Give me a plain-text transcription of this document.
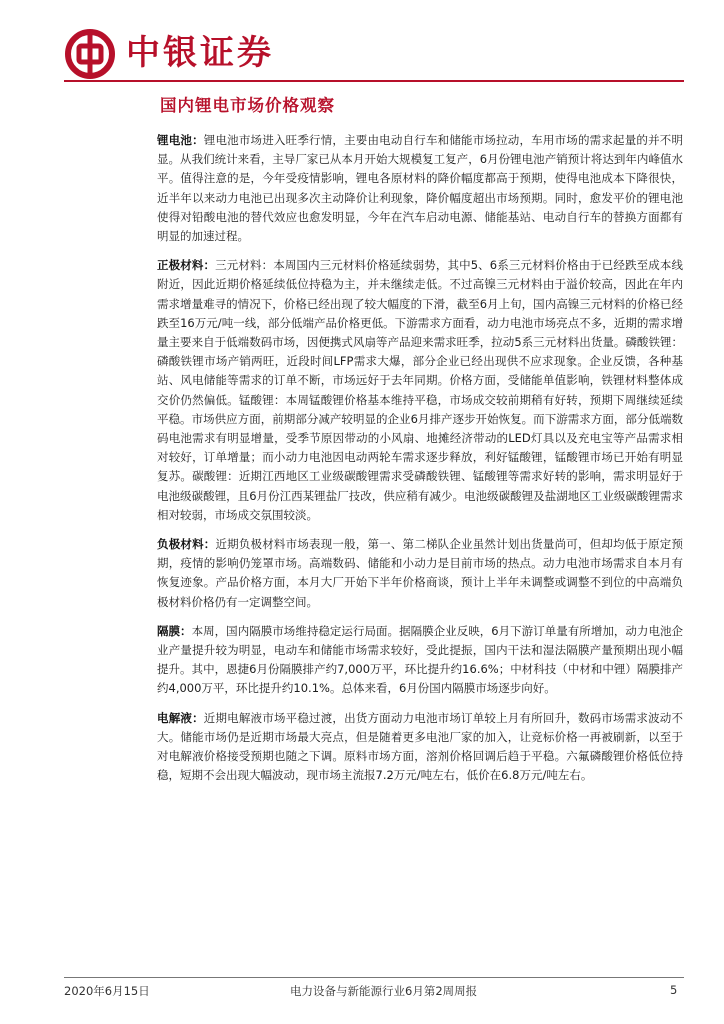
中银证券
国内锂电市场价格观察

锂电池：锂电池市场进入旺季行情，主要由电动自行车和储能市场拉动，车用市场的需求起量的并不明显。从我们统计来看，主导厂家已从本月开始大规模复工复产，6月份锂电池产销预计将达到年内峰值水平。值得注意的是，今年受疫情影响，锂电各原材料的降价幅度都高于预期，使得电池成本下降很快，近半年以来动力电池已出现多次主动降价让利现象，降价幅度超出市场预期。同时，愈发平价的锂电池使得对铅酸电池的替代效应也愈发明显，今年在汽车启动电源、储能基站、电动自行车的替换方面都有明显的加速过程。

正极材料：三元材料：本周国内三元材料价格延续弱势，其中5、6系三元材料价格由于已经跌至成本线附近，因此近期价格延续低位持稳为主，并未继续走低。不过高镍三元材料由于溢价较高，因此在年内需求增量难寻的情况下，价格已经出现了较大幅度的下滑，截至6月上旬，国内高镍三元材料的价格已经跌至16万元/吨一线，部分低端产品价格更低。下游需求方面看，动力电池市场亮点不多，近期的需求增量主要来自于低端数码市场，因便携式风扇等产品迎来需求旺季，拉动5系三元材料出货量。磷酸铁锂：磷酸铁锂市场产销两旺，近段时间LFP需求大爆，部分企业已经出现供不应求现象。企业反馈，各种基站、风电储能等需求的订单不断，市场远好于去年同期。价格方面，受储能单值影响，铁锂材料整体成交价仍然偏低。锰酸锂：本周锰酸锂价格基本维持平稳，市场成交较前期稍有好转，预期下周继续延续平稳。市场供应方面，前期部分减产较明显的企业6月排产逐步开始恢复。而下游需求方面，部分低端数码电池需求有明显增量，受季节原因带动的小风扇、地摊经济带动的LED灯具以及充电宝等产品需求相对较好，订单增量；而小动力电池因电动两轮车需求逐步释放，利好锰酸锂，锰酸锂市场已开始有明显复苏。碳酸锂：近期江西地区工业级碳酸锂需求受磷酸铁锂、锰酸锂等需求好转的影响，需求明显好于电池级碳酸锂，且6月份江西某锂盐厂技改，供应稍有减少。电池级碳酸锂及盐湖地区工业级碳酸锂需求相对较弱，市场成交氛围较淡。

负极材料：近期负极材料市场表现一般，第一、第二梯队企业虽然计划出货量尚可，但却均低于原定预期，疫情的影响仍笼罩市场。高端数码、储能和小动力是目前市场的热点。动力电池市场需求自本月有恢复迹象。产品价格方面，本月大厂开始下半年价格商谈，预计上半年未调整或调整不到位的中高端负极材料价格仍有一定调整空间。

隔膜：本周，国内隔膜市场维持稳定运行局面。据隔膜企业反映，6月下游订单量有所增加，动力电池企业产量提升较为明显，电动车和储能市场需求较好，受此提振，国内干法和湿法隔膜产量预期出现小幅提升。其中，恩捷6月份隔膜排产约7,000万平，环比提升约16.6%；中材科技（中材和中锂）隔膜排产约4,000万平，环比提升约10.1%。总体来看，6月份国内隔膜市场逐步向好。

电解液：近期电解液市场平稳过渡，出货方面动力电池市场订单较上月有所回升，数码市场需求波动不大。储能市场仍是近期市场最大亮点，但是随着更多电池厂家的加入，让竞标价格一再被刷新，以至于对电解液价格接受预期也随之下调。原料市场方面，溶剂价格回调后趋于平稳。六氟磷酸锂价格低位持稳，短期不会出现大幅波动，现市场主流报7.2万元/吨左右，低价在6.8万元/吨左右。

2020年6月15日	电力设备与新能源行业6月第2周周报	5
